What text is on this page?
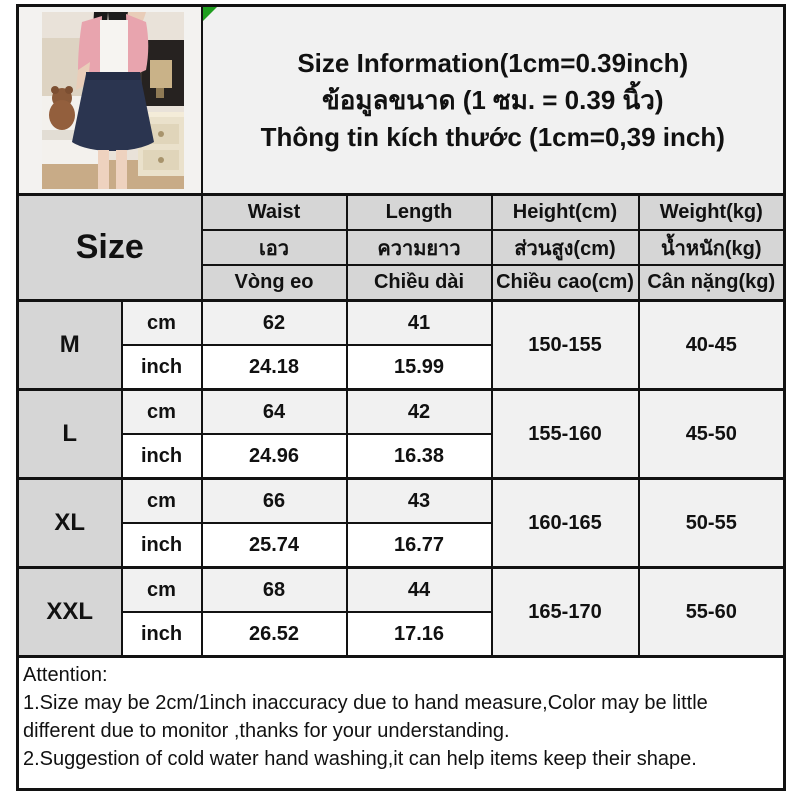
Size Information(1cm=0.39inch)
ข้อมูลขนาด (1 ซม. = 0.39 นิ้ว)
Thông tin kích thước (1cm=0,39 inch)			

Size		Waist	Length	Height(cm)	Weight(kg)
		เอว	ความยาว	ส่วนสูง(cm)	น้ำหนัก(kg)
		Vòng eo	Chiều dài	Chiều cao(cm)	Cân nặng(kg)
M	cm	62	41	150-155	40-45
	inch	24.18	15.99		
L	cm	64	42	155-160	45-50
	inch	24.96	16.38		
XL	cm	66	43	160-165	50-55
	inch	25.74	16.77		
XXL	cm	68	44	165-170	55-60
	inch	26.52	17.16		

Attention:
1.Size may be 2cm/1inch inaccuracy due to hand measure,Color may be little different due to monitor ,thanks for your understanding.
2.Suggestion of cold water hand washing,it can help items keep their shape.					
